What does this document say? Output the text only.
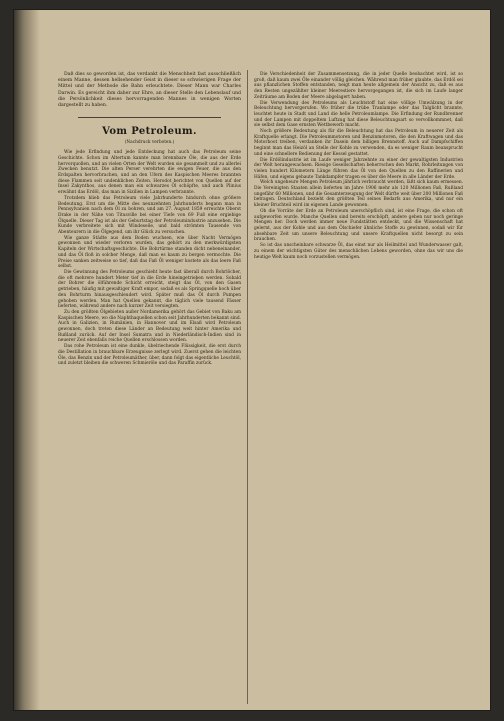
Daß dies so geworden ist, das verdankt die Menschheit fast ausschließlich einem Manne, dessen hellsehender Geist in dieser so schwierigen Frage der Mittel und der Methode die Bahn erleuchtete. Dieser Mann war Charles Darwin. Es gereicht ihm daher zur Ehre, an dieser Stelle den Lebenslauf und die Persönlichkeit dieses hervorragenden Mannes in wenigen Worten dargestellt zu haben.

Vom Petroleum.
(Nachdruck verboten.)

Wie jede Erfindung und jede Entdeckung hat auch das Petroleum seine Geschichte. Schon im Altertum kannte man brennbare Öle, die aus der Erde hervorquollen, und an vielen Orten der Welt wurden sie gesammelt und zu allerlei Zwecken benutzt. Die alten Perser verehrten die ewigen Feuer, die aus den Erdspalten hervorbrachen, und an den Ufern des Kaspischen Meeres brannten diese Flammen seit undenklichen Zeiten. Herodot berichtet von Quellen auf der Insel Zakynthos, aus denen man ein schwarzes Öl schöpfte, und auch Plinius erwähnt das Erdöl, das man in Sizilien in Lampen verbrannte.

Trotzdem blieb das Petroleum viele Jahrhunderte hindurch ohne größere Bedeutung. Erst um die Mitte des neunzehnten Jahrhunderts begann man in Pennsylvanien nach dem Öl zu bohren, und am 27. August 1859 erreichte Oberst Drake in der Nähe von Titusville bei einer Tiefe von 69 Fuß eine ergiebige Ölquelle. Dieser Tag ist als der Geburtstag der Petroleumindustrie anzusehen. Die Kunde verbreitete sich mit Windeseile, und bald strömten Tausende von Abenteurern in die Ölgegend, um ihr Glück zu versuchen.

Wie ganze Städte aus dem Boden wuchsen, wie über Nacht Vermögen gewonnen und wieder verloren wurden, das gehört zu den merkwürdigsten Kapiteln der Wirtschaftsgeschichte. Die Bohrtürme standen dicht nebeneinander, und das Öl floß in solcher Menge, daß man es kaum zu bergen vermochte. Die Preise sanken zeitweise so tief, daß das Faß Öl weniger kostete als das leere Faß selbst.

Die Gewinnung des Petroleums geschieht heute fast überall durch Bohrlöcher, die oft mehrere hundert Meter tief in die Erde hineingetrieben werden. Sobald der Bohrer die ölführende Schicht erreicht, steigt das Öl, von den Gasen getrieben, häufig mit gewaltiger Kraft empor, sodaß es als Springquelle hoch über den Bohrturm hinausgeschleudert wird. Später muß das Öl durch Pumpen gehoben werden. Man hat Quellen gekannt, die täglich viele tausend Fässer lieferten, während andere nach kurzer Zeit versiegten.

Zu den größten Ölgebieten außer Nordamerika gehört das Gebiet von Baku am Kaspischen Meere, wo die Naphthaquellen schon seit Jahrhunderten bekannt sind. Auch in Galizien, in Rumänien, in Hannover und im Elsaß wird Petroleum gewonnen, doch treten diese Länder an Bedeutung weit hinter Amerika und Rußland zurück. Auf der Insel Sumatra und in Niederländisch-Indien sind in neuerer Zeit ebenfalls reiche Quellen erschlossen worden.

Das rohe Petroleum ist eine dunkle, übelriechende Flüssigkeit, die erst durch die Destillation in brauchbare Erzeugnisse zerlegt wird. Zuerst gehen die leichten Öle, das Benzin und der Petroleumäther, über, dann folgt das eigentliche Leuchtöl, und zuletzt bleiben die schweren Schmieröle und das Paraffin zurück.

Die Verschiedenheit der Zusammensetzung, die in jeder Quelle beobachtet wird, ist so groß, daß kaum zwei Öle einander völlig gleichen. Während man früher glaubte, das Erdöl sei aus pflanzlichen Stoffen entstanden, neigt man heute allgemein der Ansicht zu, daß es aus den Resten ungezählter kleiner Meerestiere hervorgegangen ist, die sich im Laufe langer Zeiträume am Boden der Meere abgelagert haben.

Die Verwendung des Petroleums als Leuchtstoff hat eine völlige Umwälzung in der Beleuchtung hervorgerufen. Wo früher die trübe Tranlampe oder das Talglicht brannte, leuchtet heute in Stadt und Land die helle Petroleumlampe. Die Erfindung der Rundbrenner und der Lampen mit doppeltem Luftzug hat diese Beleuchtungsart so vervollkommnet, daß sie selbst dem Gase ernsten Wettbewerb macht.

Noch größere Bedeutung als für die Beleuchtung hat das Petroleum in neuerer Zeit als Kraftquelle erlangt. Die Petroleummotoren und Benzinmotoren, die den Kraftwagen und das Motorboot treiben, verdanken ihr Dasein dem billigen Brennstoff. Auch auf Dampfschiffen beginnt man das Heizöl an Stelle der Kohle zu verwenden, da es weniger Raum beansprucht und eine schnellere Bedienung der Kessel gestattet.

Die Erdölindustrie ist im Laufe weniger Jahrzehnte zu einer der gewaltigsten Industrien der Welt herangewachsen. Riesige Gesellschaften beherrschen den Markt, Rohrleitungen von vielen hundert Kilometern Länge führen das Öl von den Quellen zu den Raffinerien und Häfen, und eigens gebaute Tankdampfer tragen es über die Meere in alle Länder der Erde.

Welch ungeheure Mengen Petroleum jährlich verbraucht werden, läßt sich kaum ermessen. Die Vereinigten Staaten allein lieferten im Jahre 1906 mehr als 120 Millionen Faß, Rußland ungefähr 60 Millionen, und die Gesamterzeugung der Welt dürfte weit über 200 Millionen Faß betragen. Deutschland bezieht den größten Teil seines Bedarfs aus Amerika, und nur ein kleiner Bruchteil wird im eigenen Lande gewonnen.

Ob die Vorräte der Erde an Petroleum unerschöpflich sind, ist eine Frage, die schon oft aufgeworfen wurde. Manche Quellen sind bereits erschöpft, andere geben nur noch geringe Mengen her. Doch werden immer neue Fundstätten entdeckt, und die Wissenschaft hat gelernt, aus der Kohle und aus dem Ölschiefer ähnliche Stoffe zu gewinnen, sodaß wir für absehbare Zeit um unsere Beleuchtung und unsere Kraftquellen nicht besorgt zu sein brauchen.

So ist das unscheinbare schwarze Öl, das einst nur als Heilmittel und Wunderwasser galt, zu einem der wichtigsten Güter des menschlichen Lebens geworden, ohne das wir uns die heutige Welt kaum noch vorzustellen vermögen.
